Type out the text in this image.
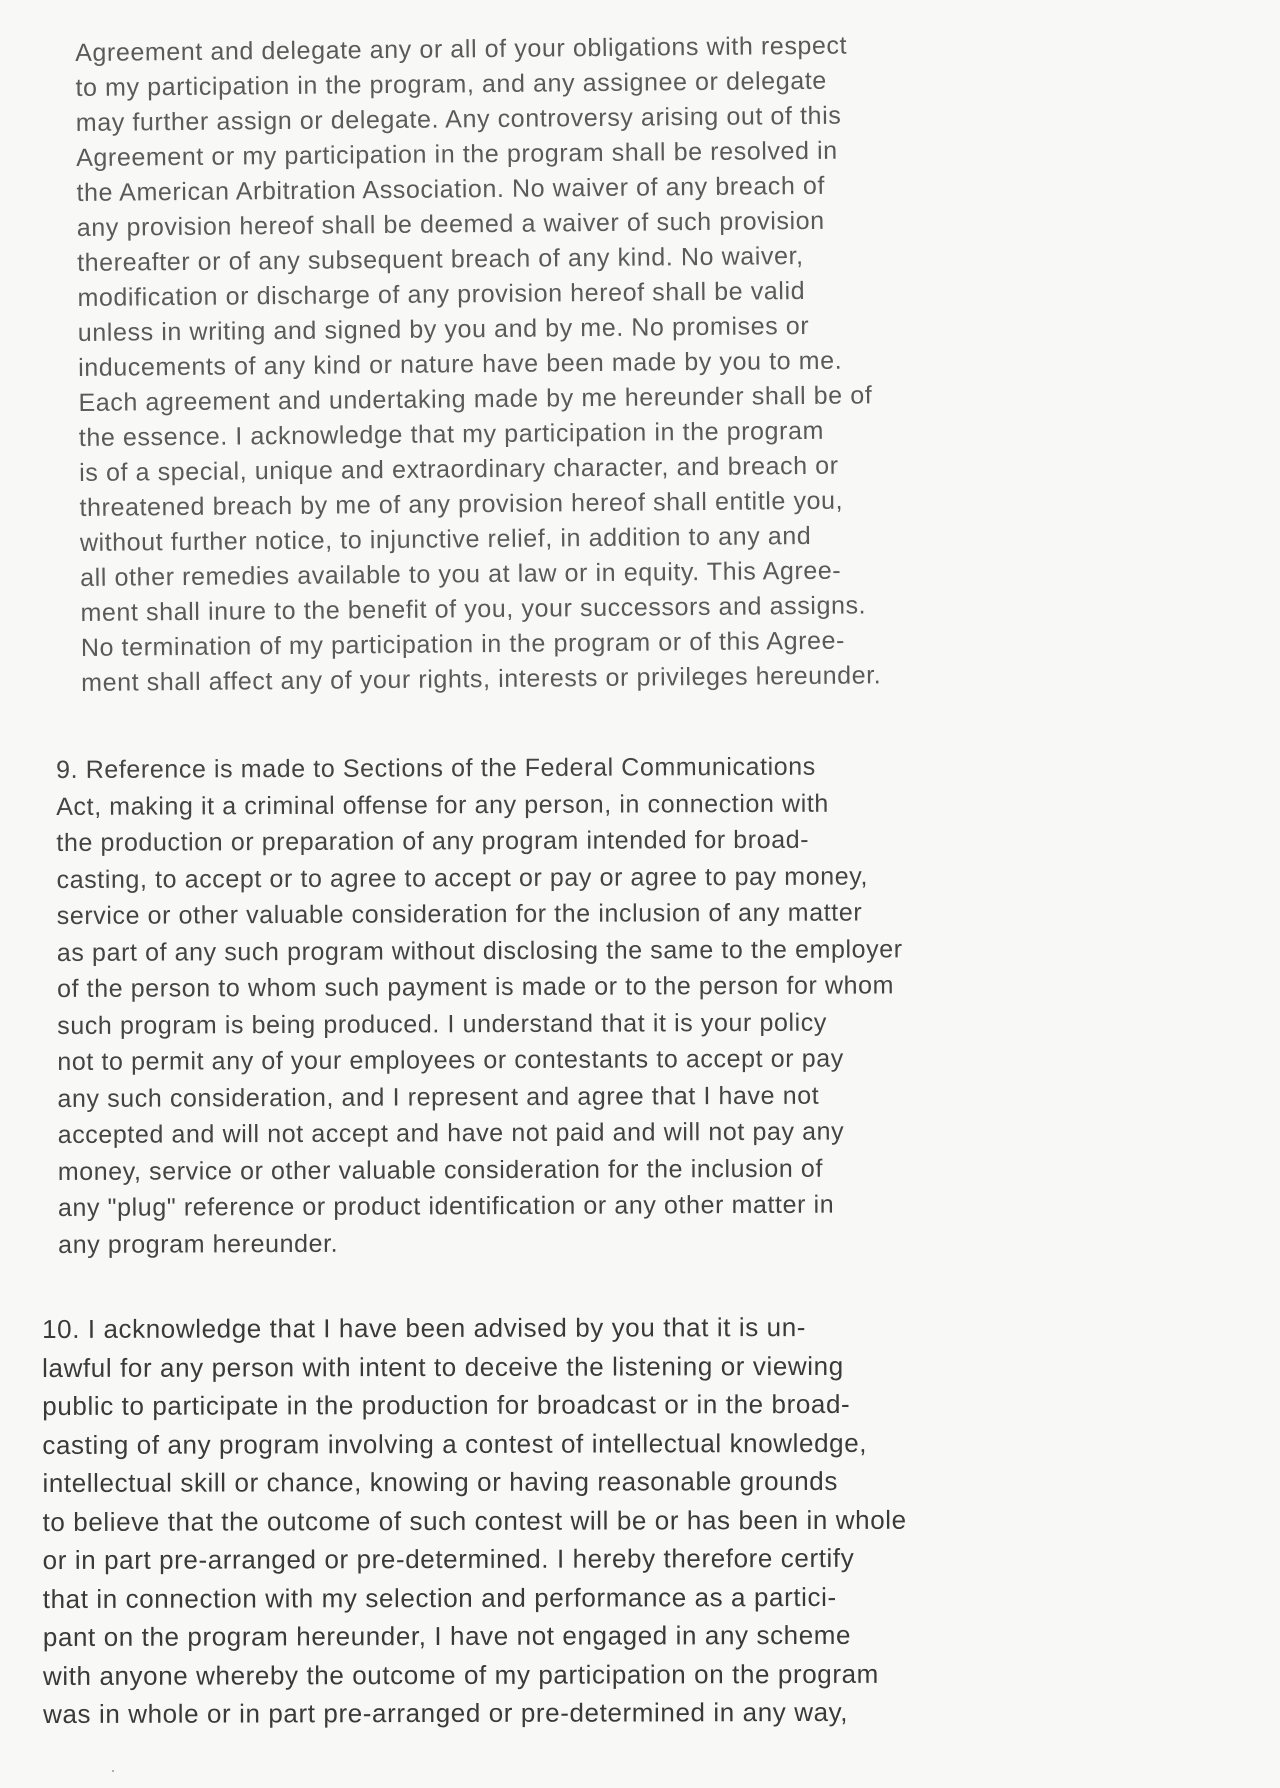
Agreement and delegate any or all of your obligations with respect
to my participation in the program, and any assignee or delegate
may further assign or delegate. Any controversy arising out of this
Agreement or my participation in the program shall be resolved in
the American Arbitration Association. No waiver of any breach of
any provision hereof shall be deemed a waiver of such provision
thereafter or of any subsequent breach of any kind. No waiver,
modification or discharge of any provision hereof shall be valid
unless in writing and signed by you and by me. No promises or
inducements of any kind or nature have been made by you to me.
Each agreement and undertaking made by me hereunder shall be of
the essence. I acknowledge that my participation in the program
is of a special, unique and extraordinary character, and breach or
threatened breach by me of any provision hereof shall entitle you,
without further notice, to injunctive relief, in addition to any and
all other remedies available to you at law or in equity. This Agree-
ment shall inure to the benefit of you, your successors and assigns.
No termination of my participation in the program or of this Agree-
ment shall affect any of your rights, interests or privileges hereunder.

9. Reference is made to Sections of the Federal Communications
Act, making it a criminal offense for any person, in connection with
the production or preparation of any program intended for broad-
casting, to accept or to agree to accept or pay or agree to pay money,
service or other valuable consideration for the inclusion of any matter
as part of any such program without disclosing the same to the employer
of the person to whom such payment is made or to the person for whom
such program is being produced. I understand that it is your policy
not to permit any of your employees or contestants to accept or pay
any such consideration, and I represent and agree that I have not
accepted and will not accept and have not paid and will not pay any
money, service or other valuable consideration for the inclusion of
any "plug" reference or product identification or any other matter in
any program hereunder.

10. I acknowledge that I have been advised by you that it is un-
lawful for any person with intent to deceive the listening or viewing
public to participate in the production for broadcast or in the broad-
casting of any program involving a contest of intellectual knowledge,
intellectual skill or chance, knowing or having reasonable grounds
to believe that the outcome of such contest will be or has been in whole
or in part pre-arranged or pre-determined. I hereby therefore certify
that in connection with my selection and performance as a partici-
pant on the program hereunder, I have not engaged in any scheme
with anyone whereby the outcome of my participation on the program
was in whole or in part pre-arranged or pre-determined in any way,
